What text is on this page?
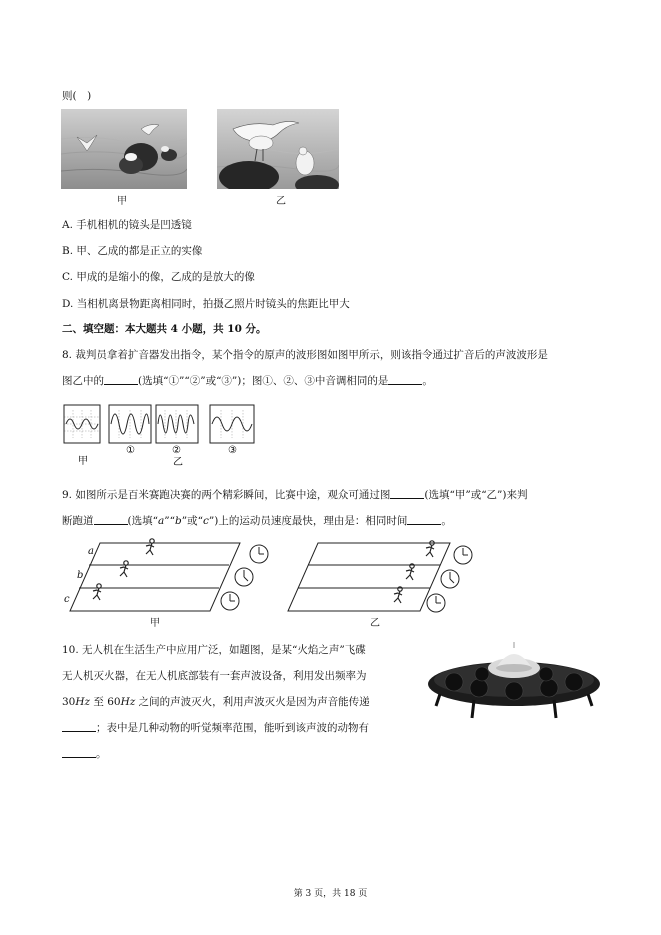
则(　)
甲	乙
A. 手机相机的镜头是凹透镜
B. 甲、乙成的都是正立的实像
C. 甲成的是缩小的像，乙成的是放大的像
D. 当相机离景物距离相同时，拍摄乙照片时镜头的焦距比甲大
二、填空题：本大题共 4 小题，共 10 分。
8. 裁判员拿着扩音器发出指令，某个指令的原声的波形图如图甲所示，则该指令通过扩音后的声波波形是
图乙中的	(选填“①”“②”或“③”)；图①、②、③中音调相同的是	。
甲
①	②
乙
③
9. 如图所示是百米赛跑决赛的两个精彩瞬间，比赛中途，观众可通过图	(选填“甲”或“乙”)来判
断跑道	(选填“a”“b”或“c”)上的运动员速度最快，理由是：相同时间	。
a
b
c
甲	乙
10. 无人机在生活生产中应用广泛，如题图，是某“火焰之声”飞碟
无人机灭火器，在无人机底部装有一套声波设备，利用发出频率为
30Hz 至 60Hz 之间的声波灭火，利用声波灭火是因为声音能传递
；表中是几种动物的听觉频率范围，能听到该声波的动物有
。
第 3 页，共 18 页
